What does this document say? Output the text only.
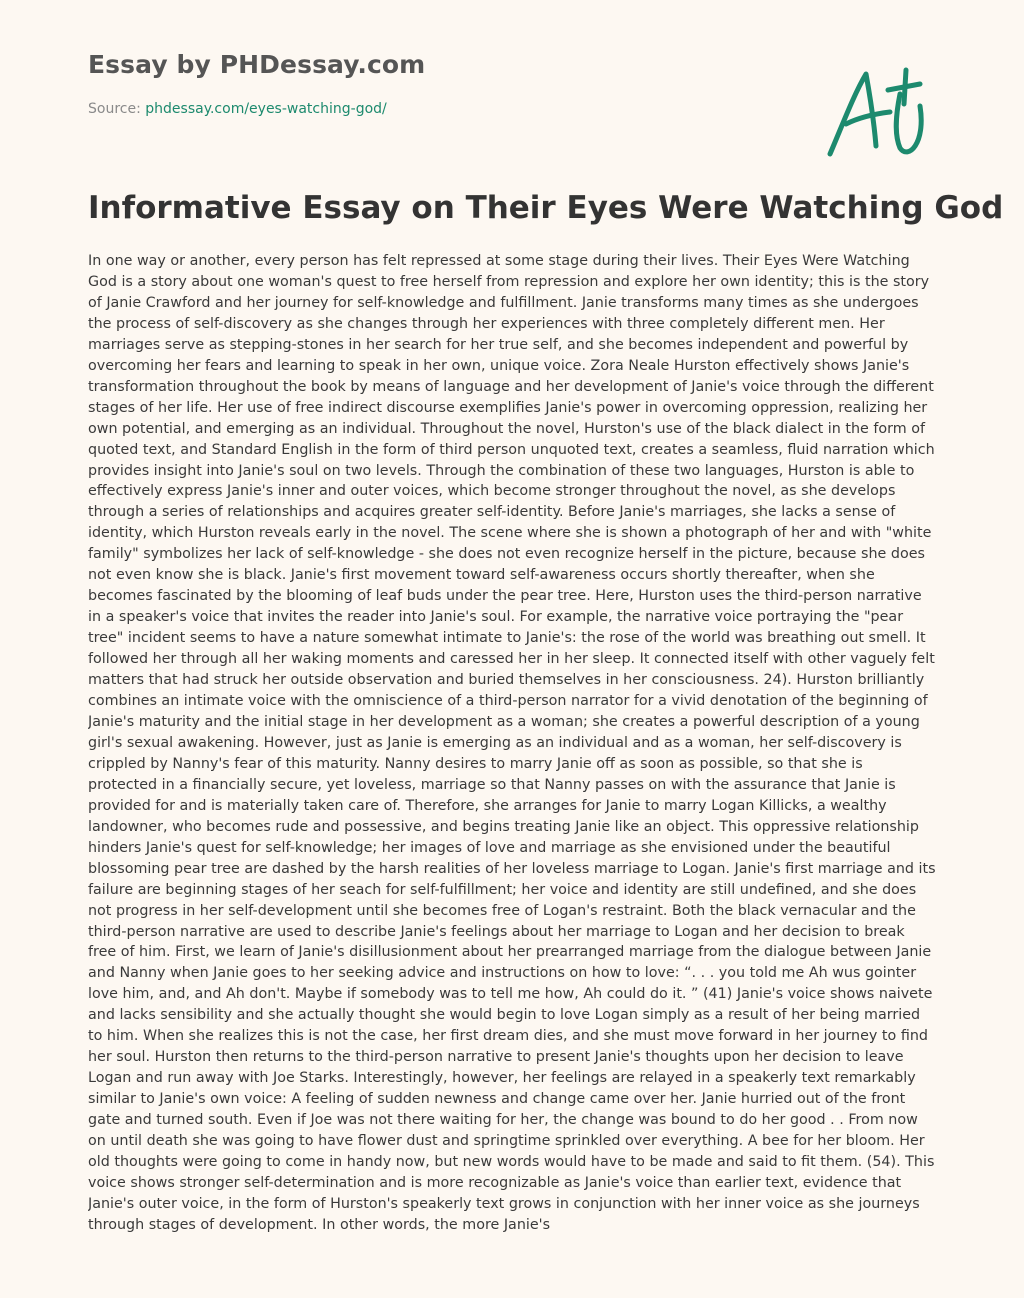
Essay by PHDessay.com
Source: phdessay.com/eyes-watching-god/
Informative Essay on Their Eyes Were Watching God

In one way or another, every person has felt repressed at some stage during their lives. Their Eyes Were Watching God is a story about one woman's quest to free herself from repression and explore her own identity; this is the story of Janie Crawford and her journey for self-knowledge and fulfillment. Janie transforms many times as she undergoes the process of self-discovery as she changes through her experiences with three completely different men. Her marriages serve as stepping-stones in her search for her true self, and she becomes independent and powerful by overcoming her fears and learning to speak in her own, unique voice. Zora Neale Hurston effectively shows Janie's transformation throughout the book by means of language and her development of Janie's voice through the different stages of her life. Her use of free indirect discourse exemplifies Janie's power in overcoming oppression, realizing her own potential, and emerging as an individual. Throughout the novel, Hurston's use of the black dialect in the form of quoted text, and Standard English in the form of third person unquoted text, creates a seamless, fluid narration which provides insight into Janie's soul on two levels. Through the combination of these two languages, Hurston is able to effectively express Janie's inner and outer voices, which become stronger throughout the novel, as she develops through a series of relationships and acquires greater self-identity. Before Janie's marriages, she lacks a sense of identity, which Hurston reveals early in the novel. The scene where she is shown a photograph of her and with "white family" symbolizes her lack of self-knowledge - she does not even recognize herself in the picture, because she does not even know she is black. Janie's first movement toward self-awareness occurs shortly thereafter, when she becomes fascinated by the blooming of leaf buds under the pear tree. Here, Hurston uses the third-person narrative in a speaker's voice that invites the reader into Janie's soul. For example, the narrative voice portraying the "pear tree" incident seems to have a nature somewhat intimate to Janie's: the rose of the world was breathing out smell. It followed her through all her waking moments and caressed her in her sleep. It connected itself with other vaguely felt matters that had struck her outside observation and buried themselves in her consciousness. 24). Hurston brilliantly combines an intimate voice with the omniscience of a third-person narrator for a vivid denotation of the beginning of Janie's maturity and the initial stage in her development as a woman; she creates a powerful description of a young girl's sexual awakening. However, just as Janie is emerging as an individual and as a woman, her self-discovery is crippled by Nanny's fear of this maturity. Nanny desires to marry Janie off as soon as possible, so that she is protected in a financially secure, yet loveless, marriage so that Nanny passes on with the assurance that Janie is provided for and is materially taken care of. Therefore, she arranges for Janie to marry Logan Killicks, a wealthy landowner, who becomes rude and possessive, and begins treating Janie like an object. This oppressive relationship hinders Janie's quest for self-knowledge; her images of love and marriage as she envisioned under the beautiful blossoming pear tree are dashed by the harsh realities of her loveless marriage to Logan. Janie's first marriage and its failure are beginning stages of her seach for self-fulfillment; her voice and identity are still undefined, and she does not progress in her self-development until she becomes free of Logan's restraint. Both the black vernacular and the third-person narrative are used to describe Janie's feelings about her marriage to Logan and her decision to break free of him. First, we learn of Janie's disillusionment about her prearranged marriage from the dialogue between Janie and Nanny when Janie goes to her seeking advice and instructions on how to love: “. . . you told me Ah wus gointer love him, and, and Ah don't. Maybe if somebody was to tell me how, Ah could do it. ” (41) Janie's voice shows naivete and lacks sensibility and she actually thought she would begin to love Logan simply as a result of her being married to him. When she realizes this is not the case, her first dream dies, and she must move forward in her journey to find her soul. Hurston then returns to the third-person narrative to present Janie's thoughts upon her decision to leave Logan and run away with Joe Starks. Interestingly, however, her feelings are relayed in a speakerly text remarkably similar to Janie's own voice: A feeling of sudden newness and change came over her. Janie hurried out of the front gate and turned south. Even if Joe was not there waiting for her, the change was bound to do her good . . From now on until death she was going to have flower dust and springtime sprinkled over everything. A bee for her bloom. Her old thoughts were going to come in handy now, but new words would have to be made and said to fit them. (54). This voice shows stronger self-determination and is more recognizable as Janie's voice than earlier text, evidence that Janie's outer voice, in the form of Hurston's speakerly text grows in conjunction with her inner voice as she journeys through stages of development. In other words, the more Janie's
